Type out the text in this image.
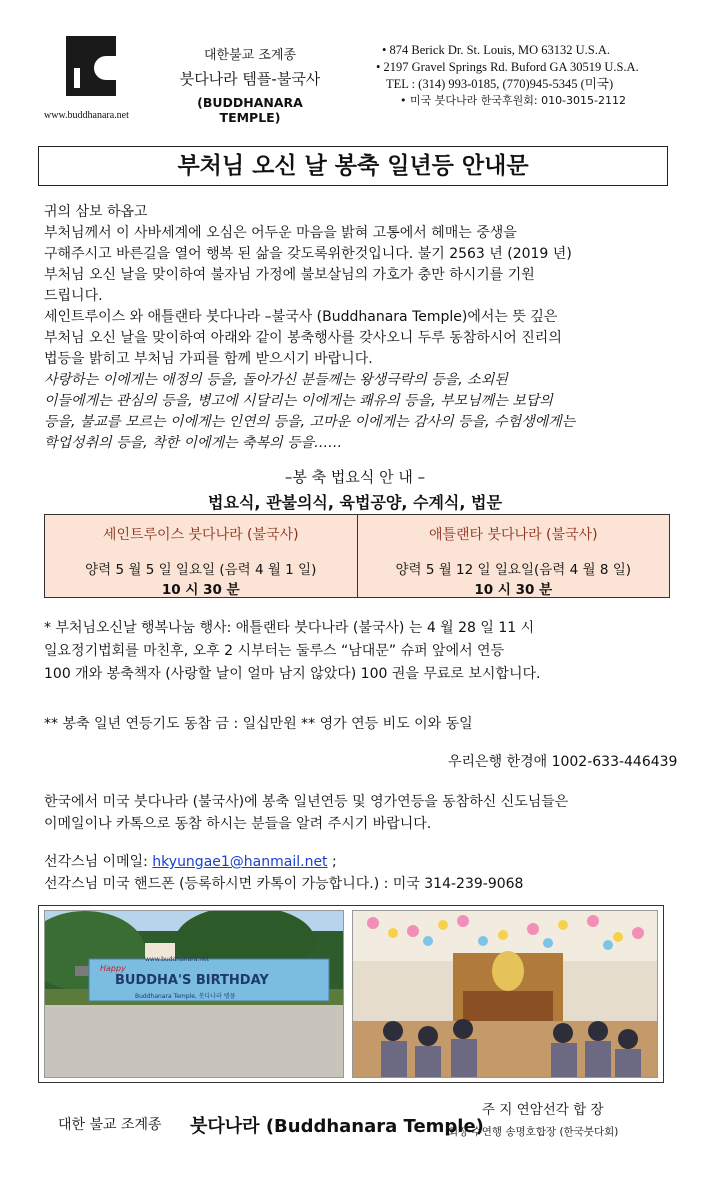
www.buddhanara.net
대한불교 조계종
붓다나라 템플-불국사
(BUDDHANARA TEMPLE)
• 874 Berick Dr. St. Louis, MO 63132 U.S.A.
• 2197 Gravel Springs Rd. Buford GA 30519 U.S.A.
TEL : (314) 993-0185, (770)945-5345 (미국)
• 미국 붓다나라 한국후원회: 010-3015-2112
부처님 오신 날 봉축 일년등 안내문
귀의 삼보 하옵고
부처님께서 이 사바세계에 오심은 어두운 마음을 밝혀 고통에서 헤매는 중생을
구해주시고 바른길을 열어 행복 된 삶을 갖도록위한것입니다. 불기 2563 년 (2019 년)
부처님 오신 날을 맞이하여 불자님 가정에 불보살님의 가호가 충만 하시기를 기원
드립니다.
세인트루이스 와 애틀랜타 붓다나라 –불국사 (Buddhanara Temple)에서는 뜻 깊은
부처님 오신 날을 맞이하여 아래와 같이 봉축행사를 갖사오니 두루 동참하시어 진리의
법등을 밝히고 부처님 가피를 함께 받으시기 바랍니다.
사랑하는 이에게는 애정의 등을, 돌아가신 분들께는 왕생극락의 등을, 소외된
이들에게는 관심의 등을, 병고에 시달리는 이에게는 쾌유의 등을, 부모님께는 보답의
등을, 불교를 모르는 이에게는 인연의 등을, 고마운 이에게는 감사의 등을, 수험생에게는
학업성취의 등을, 착한 이에게는 축복의 등을……
–봉 축 법요식 안 내 –
법요식, 관불의식, 육법공양, 수계식, 법문
세인트루이스 붓다나라 (불국사)
양력 5 월 5 일 일요일 (음력 4 월 1 일)
10 시 30 분
애틀랜타 붓다나라 (불국사)
양력 5 월 12 일 일요일(음력 4 월 8 일)
10 시 30 분
* 부처님오신날 행복나눔 행사: 애틀랜타 붓다나라 (불국사) 는 4 월 28 일 11 시
일요정기법회를 마친후, 오후 2 시부터는 둘루스 “남대문” 슈퍼 앞에서 연등
100 개와 봉축책자 (사랑할 날이 얼마 남지 않았다) 100 권을 무료로 보시합니다.
** 봉축 일년 연등기도 동참 금 : 일십만원 ** 영가 연등 비도 이와 동일
우리은행 한경애 1002-633-446439
한국에서 미국 붓다나라 (불국사)에 봉축 일년연등 및 영가연등을 동참하신 신도님들은
이메일이나 카톡으로 동참 하시는 분들을 알려 주시기 바랍니다.
선각스님 이메일: hkyungae1@hanmail.net ;
선각스님 미국 핸드폰 (등록하시면 카톡이 가능합니다.) : 미국 314-239-9068
www.buddhanara.net
Happy
BUDDHA'S BIRTHDAY
Buddhanara Temple, 붓다나라 템플
대한 불교 조계종 붓다나라 (Buddhanara Temple)
주 지 연암선각 합 장
회장 수연행 송명호합장 (한국붓다회)
